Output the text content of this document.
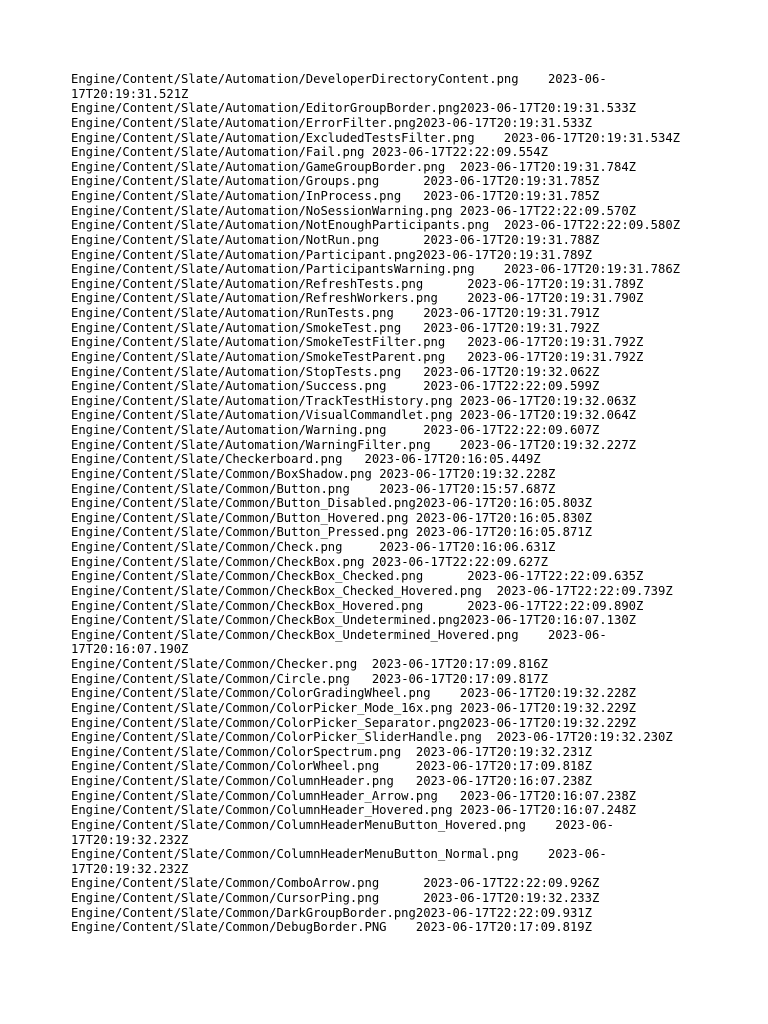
Engine/Content/Slate/Automation/DeveloperDirectoryContent.png 2023-06-
17T20:19:31.521Z
Engine/Content/Slate/Automation/EditorGroupBorder.png2023-06-17T20:19:31.533Z
Engine/Content/Slate/Automation/ErrorFilter.png2023-06-17T20:19:31.533Z
Engine/Content/Slate/Automation/ExcludedTestsFilter.png 2023-06-17T20:19:31.534Z
Engine/Content/Slate/Automation/Fail.png 2023-06-17T22:22:09.554Z
Engine/Content/Slate/Automation/GameGroupBorder.png 2023-06-17T20:19:31.784Z
Engine/Content/Slate/Automation/Groups.png	2023-06-17T20:19:31.785Z
Engine/Content/Slate/Automation/InProcess.png 2023-06-17T20:19:31.785Z
Engine/Content/Slate/Automation/NoSessionWarning.png 2023-06-17T22:22:09.570Z
Engine/Content/Slate/Automation/NotEnoughParticipants.png 2023-06-17T22:22:09.580Z
Engine/Content/Slate/Automation/NotRun.png	2023-06-17T20:19:31.788Z
Engine/Content/Slate/Automation/Participant.png2023-06-17T20:19:31.789Z
Engine/Content/Slate/Automation/ParticipantsWarning.png 2023-06-17T20:19:31.786Z
Engine/Content/Slate/Automation/RefreshTests.png	2023-06-17T20:19:31.789Z
Engine/Content/Slate/Automation/RefreshWorkers.png 2023-06-17T20:19:31.790Z
Engine/Content/Slate/Automation/RunTests.png 2023-06-17T20:19:31.791Z
Engine/Content/Slate/Automation/SmokeTest.png 2023-06-17T20:19:31.792Z
Engine/Content/Slate/Automation/SmokeTestFilter.png 2023-06-17T20:19:31.792Z
Engine/Content/Slate/Automation/SmokeTestParent.png 2023-06-17T20:19:31.792Z
Engine/Content/Slate/Automation/StopTests.png 2023-06-17T20:19:32.062Z
Engine/Content/Slate/Automation/Success.png	2023-06-17T22:22:09.599Z
Engine/Content/Slate/Automation/TrackTestHistory.png 2023-06-17T20:19:32.063Z
Engine/Content/Slate/Automation/VisualCommandlet.png 2023-06-17T20:19:32.064Z
Engine/Content/Slate/Automation/Warning.png	2023-06-17T22:22:09.607Z
Engine/Content/Slate/Automation/WarningFilter.png 2023-06-17T20:19:32.227Z
Engine/Content/Slate/Checkerboard.png 2023-06-17T20:16:05.449Z
Engine/Content/Slate/Common/BoxShadow.png 2023-06-17T20:19:32.228Z
Engine/Content/Slate/Common/Button.png 2023-06-17T20:15:57.687Z
Engine/Content/Slate/Common/Button_Disabled.png2023-06-17T20:16:05.803Z
Engine/Content/Slate/Common/Button_Hovered.png 2023-06-17T20:16:05.830Z
Engine/Content/Slate/Common/Button_Pressed.png 2023-06-17T20:16:05.871Z
Engine/Content/Slate/Common/Check.png	2023-06-17T20:16:06.631Z
Engine/Content/Slate/Common/CheckBox.png 2023-06-17T22:22:09.627Z
Engine/Content/Slate/Common/CheckBox_Checked.png	2023-06-17T22:22:09.635Z
Engine/Content/Slate/Common/CheckBox_Checked_Hovered.png 2023-06-17T22:22:09.739Z
Engine/Content/Slate/Common/CheckBox_Hovered.png	2023-06-17T22:22:09.890Z
Engine/Content/Slate/Common/CheckBox_Undetermined.png2023-06-17T20:16:07.130Z
Engine/Content/Slate/Common/CheckBox_Undetermined_Hovered.png 2023-06-
17T20:16:07.190Z
Engine/Content/Slate/Common/Checker.png 2023-06-17T20:17:09.816Z
Engine/Content/Slate/Common/Circle.png 2023-06-17T20:17:09.817Z
Engine/Content/Slate/Common/ColorGradingWheel.png 2023-06-17T20:19:32.228Z
Engine/Content/Slate/Common/ColorPicker_Mode_16x.png 2023-06-17T20:19:32.229Z
Engine/Content/Slate/Common/ColorPicker_Separator.png2023-06-17T20:19:32.229Z
Engine/Content/Slate/Common/ColorPicker_SliderHandle.png 2023-06-17T20:19:32.230Z
Engine/Content/Slate/Common/ColorSpectrum.png 2023-06-17T20:19:32.231Z
Engine/Content/Slate/Common/ColorWheel.png	2023-06-17T20:17:09.818Z
Engine/Content/Slate/Common/ColumnHeader.png 2023-06-17T20:16:07.238Z
Engine/Content/Slate/Common/ColumnHeader_Arrow.png 2023-06-17T20:16:07.238Z
Engine/Content/Slate/Common/ColumnHeader_Hovered.png 2023-06-17T20:16:07.248Z
Engine/Content/Slate/Common/ColumnHeaderMenuButton_Hovered.png 2023-06-
17T20:19:32.232Z
Engine/Content/Slate/Common/ColumnHeaderMenuButton_Normal.png 2023-06-
17T20:19:32.232Z
Engine/Content/Slate/Common/ComboArrow.png	2023-06-17T22:22:09.926Z
Engine/Content/Slate/Common/CursorPing.png	2023-06-17T20:19:32.233Z
Engine/Content/Slate/Common/DarkGroupBorder.png2023-06-17T22:22:09.931Z
Engine/Content/Slate/Common/DebugBorder.PNG 2023-06-17T20:17:09.819Z
